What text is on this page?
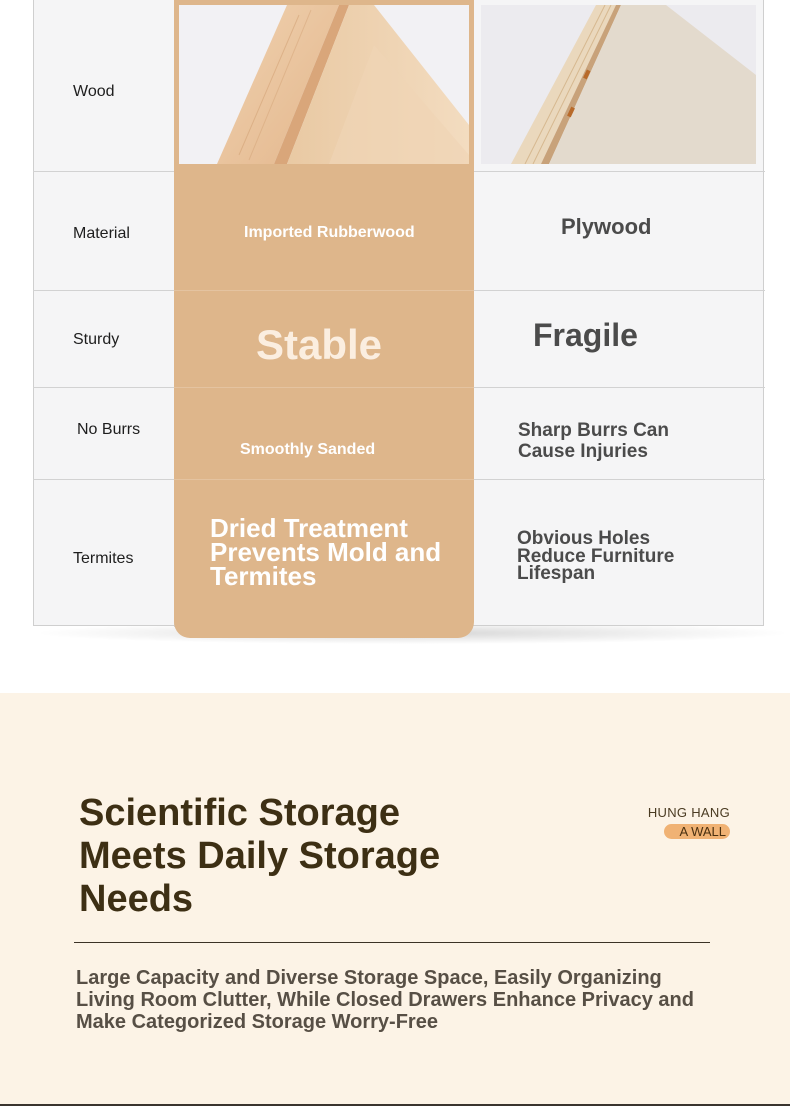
Wood
Material
Sturdy
No Burrs
Termites
Imported Rubberwood
Stable
Smoothly Sanded
Dried Treatment Prevents Mold and Termites
Plywood
Fragile
Sharp Burrs Can Cause Injuries
Obvious Holes Reduce Furniture Lifespan
Scientific Storage Meets Daily Storage Needs
HUNG HANG
A WALL
Large Capacity and Diverse Storage Space, Easily Organizing Living Room Clutter, While Closed Drawers Enhance Privacy and Make Categorized Storage Worry-Free
